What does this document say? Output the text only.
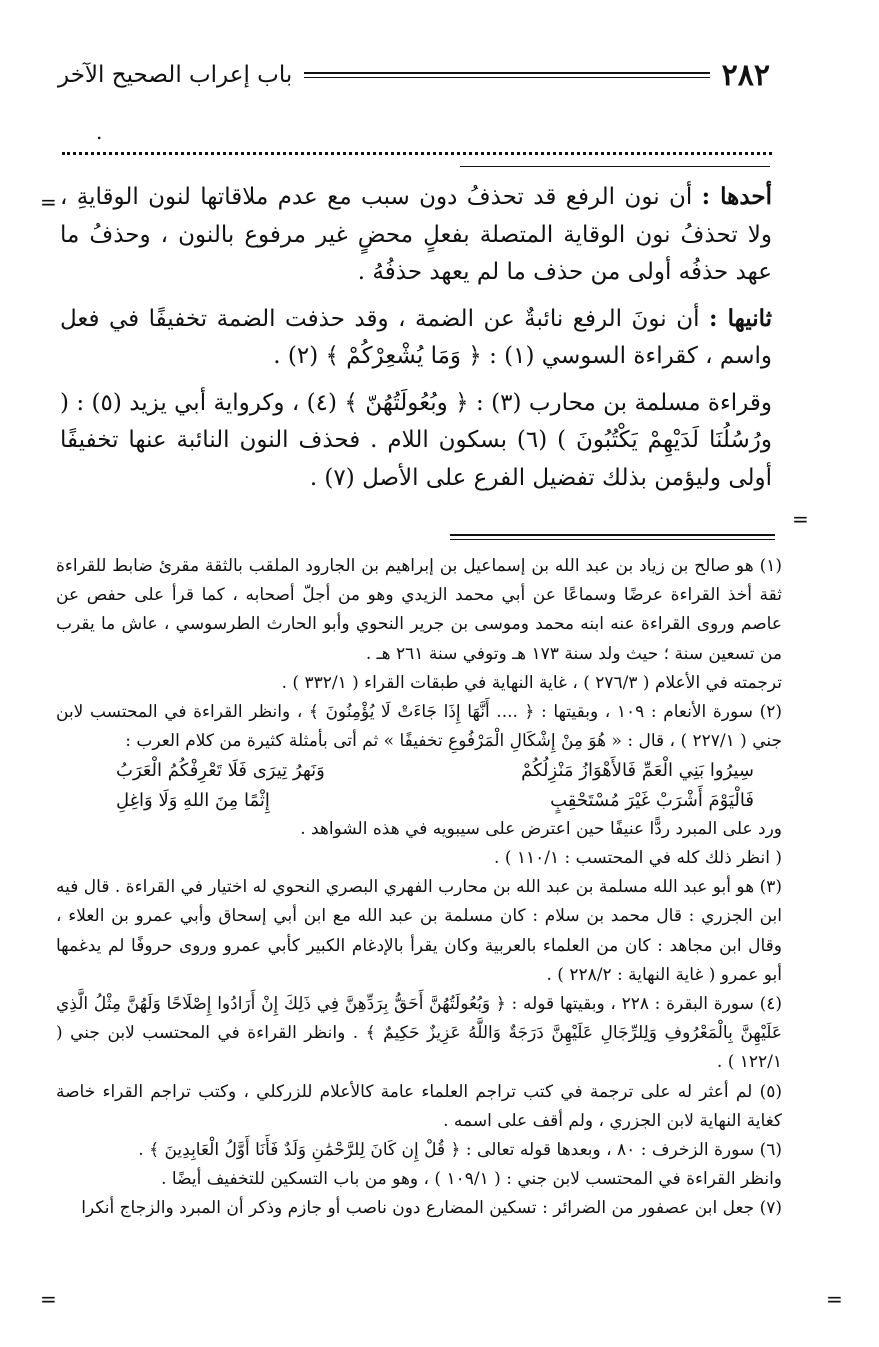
٢٨٢
باب إعراب الصحيح الآخر
.
=
=

أحدها : أن نون الرفع قد تحذفُ دون سبب مع عدم ملاقاتها لنون الوقايةِ ، ولا تحذفُ نون الوقاية المتصلة بفعلٍ محضٍ غير مرفوع بالنون ، وحذفُ ما عهد حذفُه أولى من حذف ما لم يعهد حذفُهُ .

ثانيها : أن نونَ الرفع نائبةٌ عن الضمة ، وقد حذفت الضمة تخفيفًا في فعل واسم ، كقراءة السوسي (١) : ﴿ وَمَا يُشْعِرْكُمْ ﴾ (٢) .

وقراءة مسلمة بن محارب (٣) : ﴿ وبُعُولَتُهُنّ ﴾ (٤) ، وكرواية أبي يزيد (٥) : ( ورُسُلُنَا لَدَيْهِمْ يَكْتُبُونَ ) (٦) بسكون اللام . فحذف النون النائبة عنها تخفيفًا أولى وليؤمن بذلك تفضيل الفرع على الأصل (٧) .

(١) هو صالح بن زياد بن عبد الله بن إسماعيل بن إبراهيم بن الجارود الملقب بالثقة مقرئ ضابط للقراءة ثقة أخذ القراءة عرضًا وسماعًا عن أبي محمد الزيدي وهو من أجلّ أصحابه ، كما قرأ على حفص عن عاصم وروى القراءة عنه ابنه محمد وموسى بن جرير النحوي وأبو الحارث الطرسوسي ، عاش ما يقرب من تسعين سنة ؛ حيث ولد سنة ١٧٣ هـ وتوفي سنة ٢٦١ هـ .

ترجمته في الأعلام ( ٢٧٦/٣ ) ، غاية النهاية في طبقات القراء ( ٣٣٢/١ ) .

(٢) سورة الأنعام : ١٠٩ ، وبقيتها : ﴿ .... أَنَّهَا إِذَا جَاءَتْ لَا يُؤْمِنُونَ ﴾ ، وانظر القراءة في المحتسب لابن جني ( ٢٢٧/١ ) ، قال : « هُوَ مِنْ إِشْكَالِ الْمَرْفُوعِ تخفيفًا » ثم أتى بأمثلة كثيرة من كلام العرب :

سِيرُوا بَنِي الْعَمِّ فَالأَهْوَازُ مَنْزِلُكُمْ
وَنَهرُ تِيرَى فَلَا تَعْرِفْكُمُ الْعَرَبُ
فَالْيَوْمَ أَشْرَبْ غَيْرَ مُسْتَحْقِبٍ
إِثْمًا مِنَ اللهِ وَلَا وَاغِلِ

ورد على المبرد ردًّا عنيفًا حين اعترض على سيبويه في هذه الشواهد .

( انظر ذلك كله في المحتسب : ١١٠/١ ) .

(٣) هو أبو عبد الله مسلمة بن عبد الله بن محارب الفهري البصري النحوي له اختيار في القراءة . قال فيه ابن الجزري : قال محمد بن سلام : كان مسلمة بن عبد الله مع ابن أبي إسحاق وأبي عمرو بن العلاء ، وقال ابن مجاهد : كان من العلماء بالعربية وكان يقرأ بالإدغام الكبير كأبي عمرو وروى حروفًا لم يدغمها أبو عمرو ( غاية النهاية : ٢٢٨/٢ ) .

(٤) سورة البقرة : ٢٢٨ ، وبقيتها قوله : ﴿ وَبُعُولَتُهُنَّ أَحَقُّ بِرَدِّهِنَّ فِي ذَلِكَ إِنْ أَرَادُوا إِصْلَاحًا وَلَهُنَّ مِثْلُ الَّذِي عَلَيْهِنَّ بِالْمَعْرُوفِ وَلِلرِّجَالِ عَلَيْهِنَّ دَرَجَةٌ وَاللَّهُ عَزِيزٌ حَكِيمٌ ﴾ . وانظر القراءة في المحتسب لابن جني ( ١٢٢/١ ) .

(٥) لم أعثر له على ترجمة في كتب تراجم العلماء عامة كالأعلام للزركلي ، وكتب تراجم القراء خاصة كغاية النهاية لابن الجزري ، ولم أقف على اسمه .

(٦) سورة الزخرف : ٨٠ ، وبعدها قوله تعالى : ﴿ قُلْ إِن كَانَ لِلرَّحْمَٰنِ وَلَدٌ فَأَنَا أَوَّلُ الْعَابِدِينَ ﴾ .

وانظر القراءة في المحتسب لابن جني : ( ١٠٩/١ ) ، وهو من باب التسكين للتخفيف أيضًا .

(٧) جعل ابن عصفور من الضرائر : تسكين المضارع دون ناصب أو جازم وذكر أن المبرد والزجاج أنكرا

=	=
